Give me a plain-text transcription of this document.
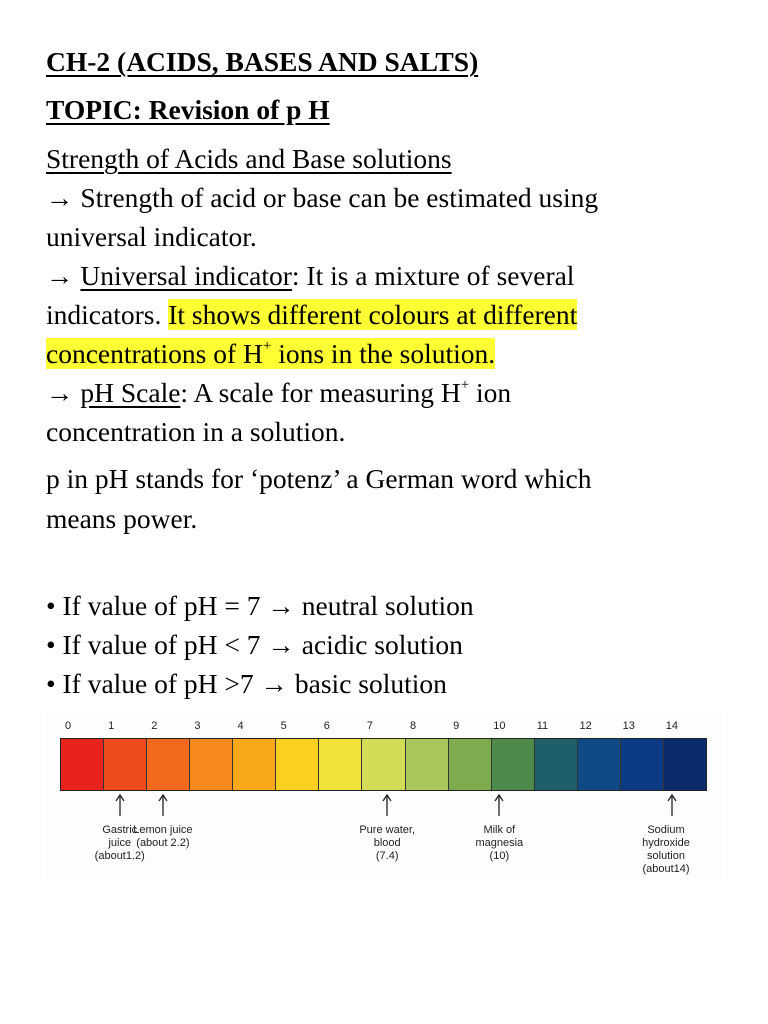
CH-2 (ACIDS, BASES AND SALTS)
TOPIC: Revision of p H
Strength of Acids and Base solutions
→ Strength of acid or base can be estimated using
universal indicator.
→ Universal indicator: It is a mixture of several
indicators. It shows different colours at different
concentrations of H+ ions in the solution.
→ pH Scale: A scale for measuring H+ ion
concentration in a solution.
p in pH stands for ‘potenz’ a German word which
means power.
• If value of pH = 7 → neutral solution
• If value of pH < 7 → acidic solution
• If value of pH >7 → basic solution
0	1	2	3	4	5	6	7	8	9	10	11	12	13	14
Gastric
juice
(about1.2)
Lemon juice
(about 2.2)
Pure water,
blood
(7.4)
Milk of
magnesia
(10)
Sodium
hydroxide
solution
(about14)
